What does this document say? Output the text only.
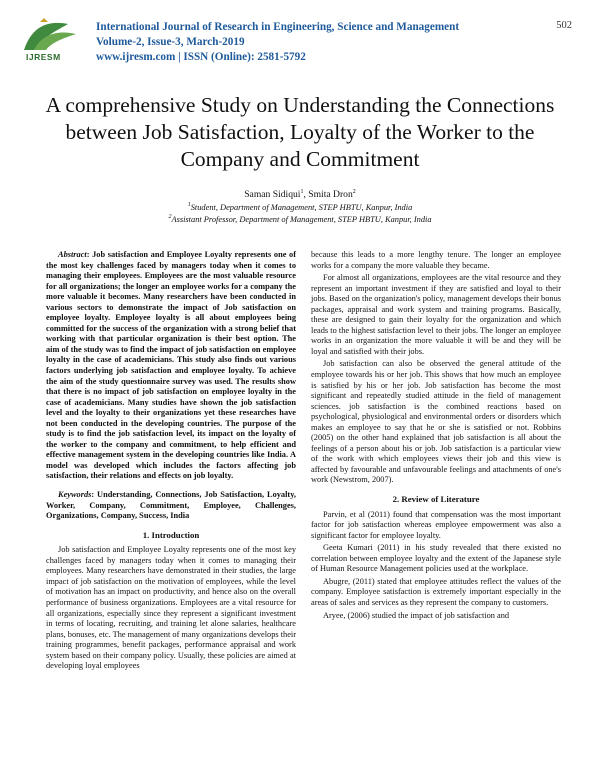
IJRESM
International Journal of Research in Engineering, Science and Management
Volume-2, Issue-3, March-2019
www.ijresm.com | ISSN (Online): 2581-5792
502
A comprehensive Study on Understanding the Connections between Job Satisfaction, Loyalty of the Worker to the Company and Commitment
Saman Sidiqui$^1$, Smita Dron$^2$
$^1$Student, Department of Management, STEP HBTU, Kanpur, India
$^2$Assistant Professor, Department of Management, STEP HBTU, Kanpur, India

Abstract: Job satisfaction and Employee Loyalty represents one of the most key challenges faced by managers today when it comes to managing their employees. Employees are the most valuable resource for all organizations; the longer an employee works for a company the more valuable it becomes. Many researchers have been conducted in various sectors to demonstrate the impact of Job satisfaction on employee loyalty. Employee loyalty is all about employees being committed for the success of the organization with a strong belief that working with that particular organization is their best option. The aim of the study was to find the impact of job satisfaction on employee loyalty in the case of academicians. This study also finds out various factors underlying job satisfaction and employee loyalty. To achieve the aim of the study questionnaire survey was used. The results show that there is no impact of job satisfaction on employee loyalty in the case of academicians. Many studies have shown the job satisfaction level and the loyalty to their organizations yet these researches have not been conducted in the developing countries. The purpose of the study is to find the job satisfaction level, its impact on the loyalty of the worker to the company and commitment, to help efficient and effective management system in the developing countries like India. A model was developed which includes the factors affecting job satisfaction, their relations and effects on job loyalty.

Keywords: Understanding, Connections, Job Satisfaction, Loyalty, Worker, Company, Commitment, Employee, Challenges, Organizations, Company, Success, India

1. Introduction

Job satisfaction and Employee Loyalty represents one of the most key challenges faced by managers today when it comes to managing their employees. Many researchers have demonstrated in their studies, the large impact of job satisfaction on the motivation of employees, while the level of motivation has an impact on productivity, and hence also on the overall performance of business organizations. Employees are a vital resource for all organizations, especially since they represent a significant investment in terms of locating, recruiting, and training let alone salaries, healthcare plans, bonuses, etc. The management of many organizations develops their training programmes, benefit packages, performance appraisal and work system based on their company policy. Usually, these policies are aimed at developing loyal employees

because this leads to a more lengthy tenure. The longer an employee works for a company the more valuable they became.

For almost all organizations, employees are the vital resource and they represent an important investment if they are satisfied and loyal to their jobs. Based on the organization's policy, management develops their bonus packages, appraisal and work system and training programs. Basically, these are designed to gain their loyalty for the organization and which leads to the highest satisfaction level to their jobs. The longer an employee works in an organization the more valuable it will be and they will be loyal and satisfied with their jobs.

Job satisfaction can also be observed the general attitude of the employee towards his or her job. This shows that how much an employee is satisfied by his or her job. Job satisfaction has become the most significant and repeatedly studied attitude in the field of management sciences. job satisfaction is the combined reactions based on psychological, physiological and environmental orders or disorders which makes an employee to say that he or she is satisfied or not. Robbins (2005) on the other hand explained that job satisfaction is all about the feelings of a person about his or job. Job satisfaction is a particular view of the work with which employees views their job and this view is affected by favourable and unfavourable feelings and attachments of one's work (Newstrom, 2007).

2. Review of Literature

Parvin, et al (2011) found that compensation was the most important factor for job satisfaction whereas employee empowerment was also a significant factor for employee loyalty.

Geeta Kumari (2011) in his study revealed that there existed no correlation between employee loyalty and the extent of the Japanese style of Human Resource Management policies used at the workplace.

Abugre, (2011) stated that employee attitudes reflect the values of the company. Employee satisfaction is extremely important especially in the areas of sales and services as they represent the company to customers.

Aryee, (2006) studied the impact of job satisfaction and
